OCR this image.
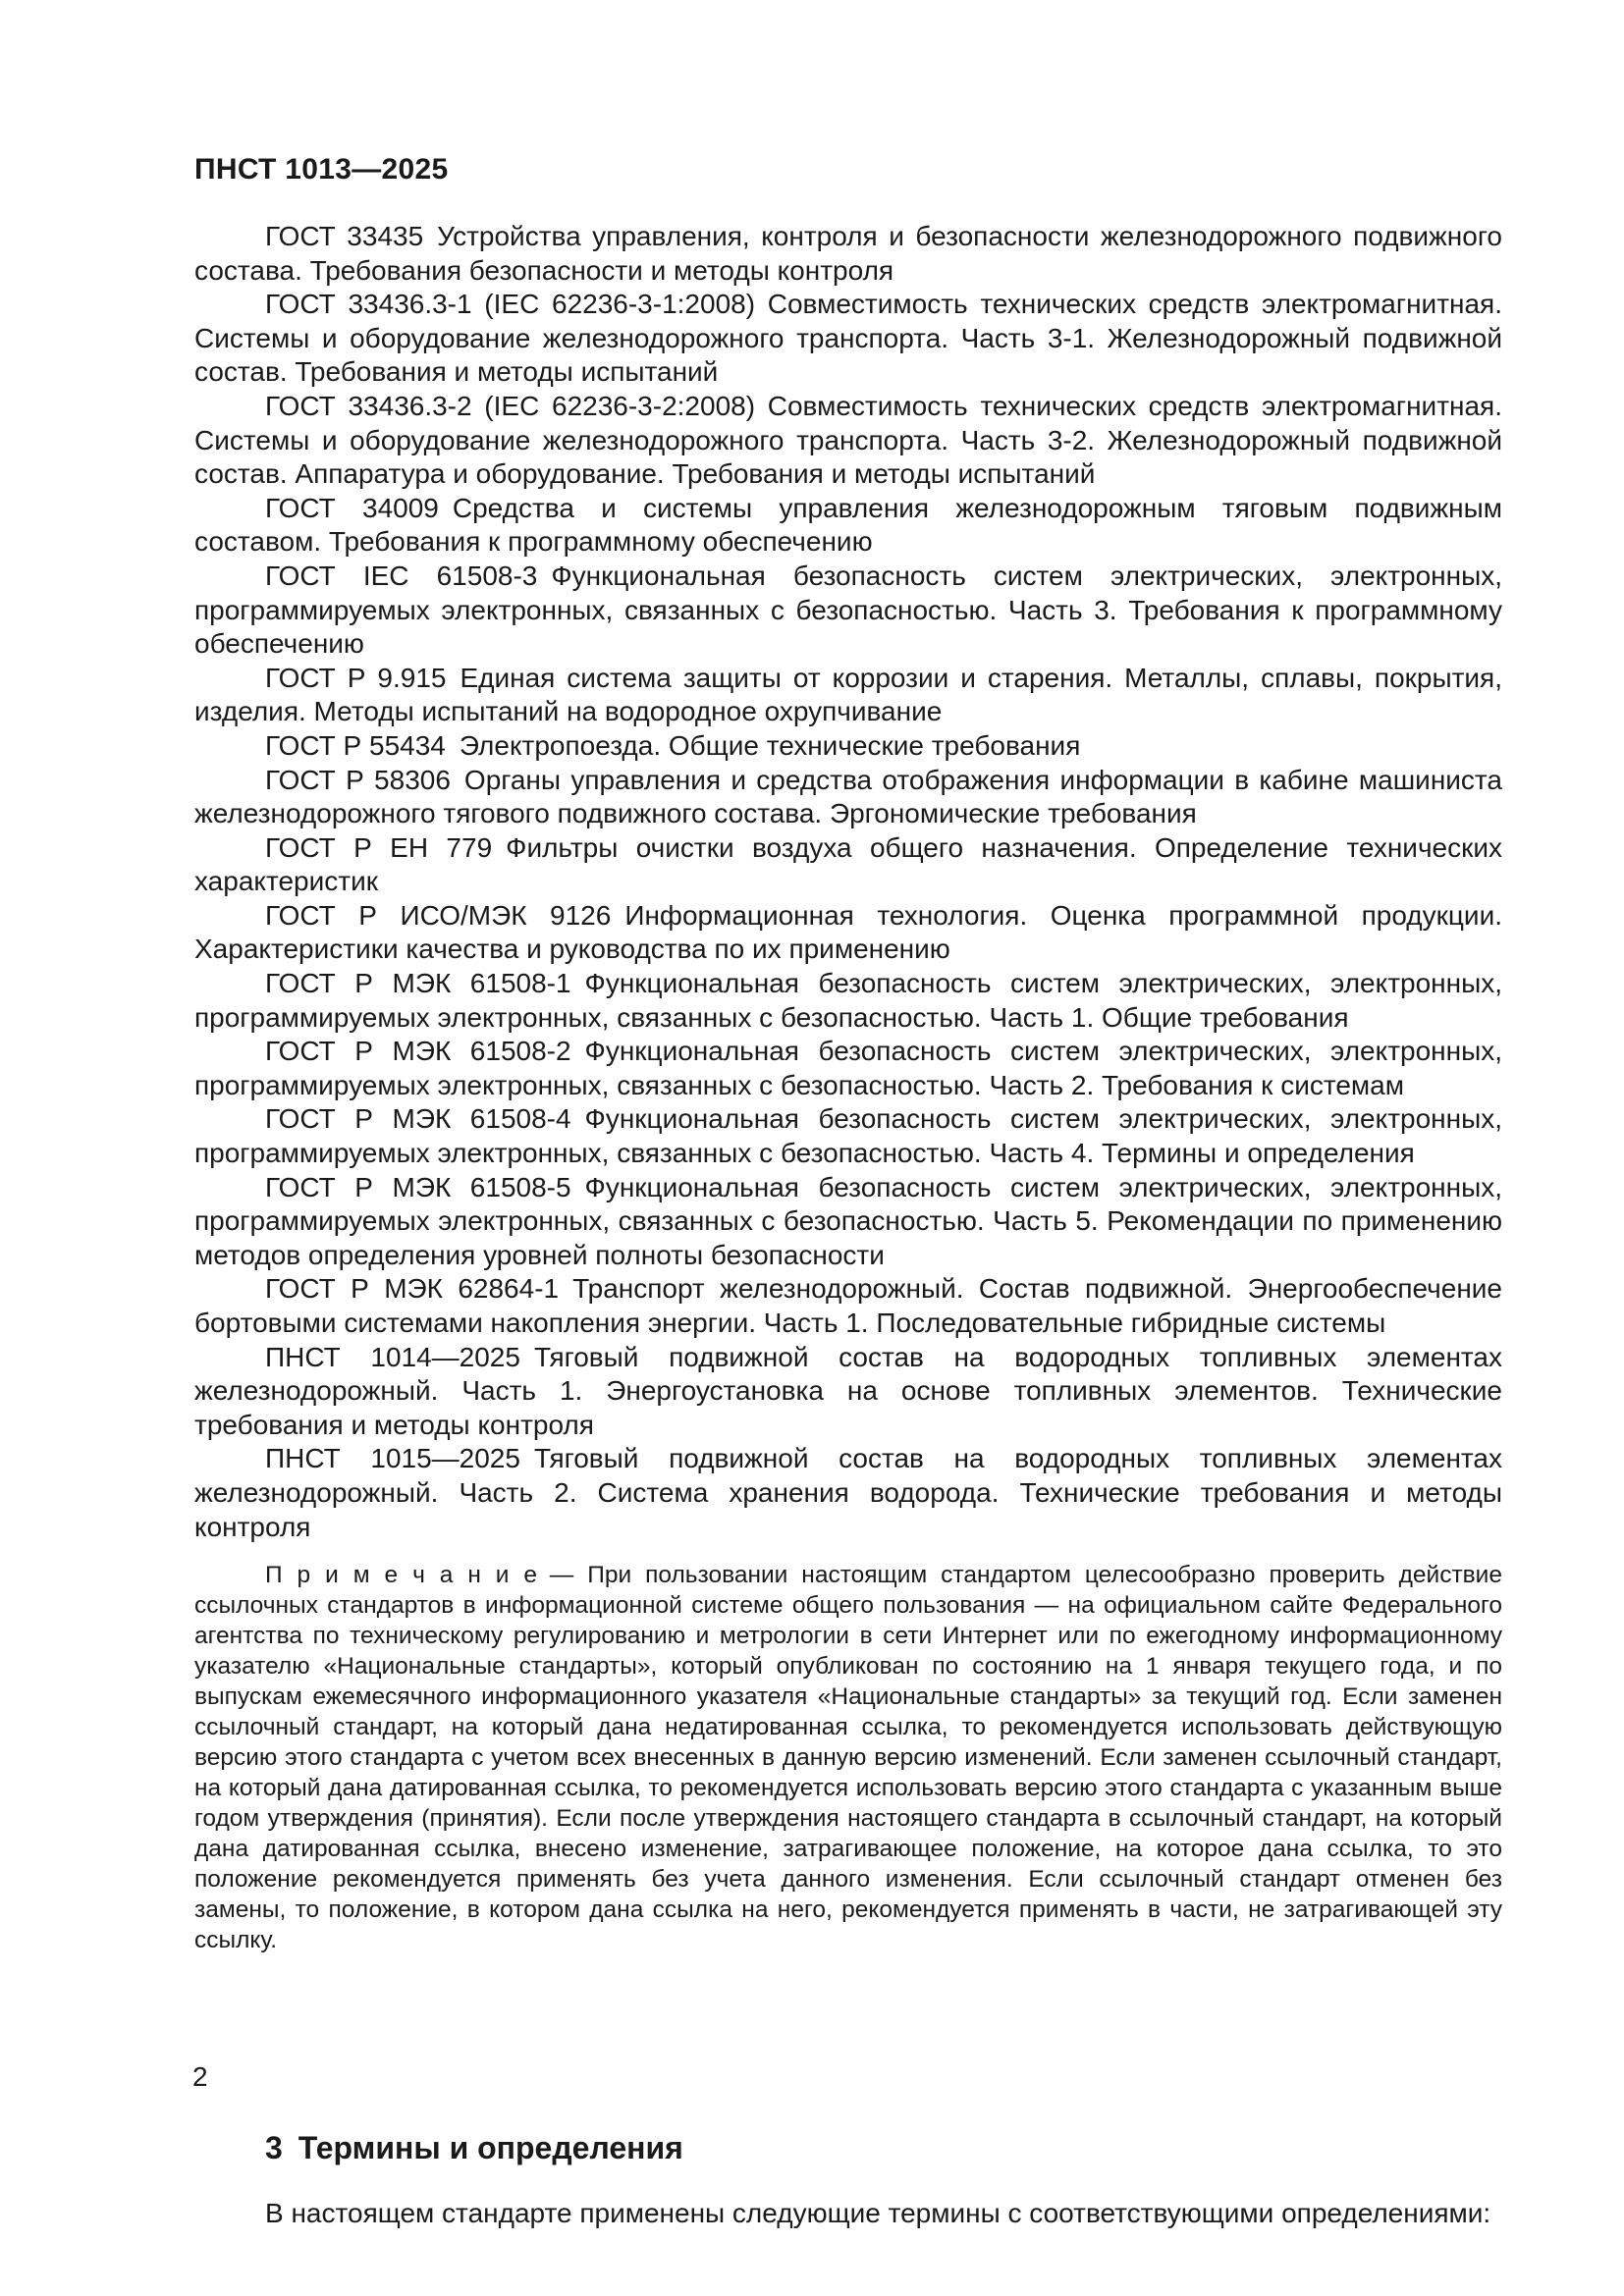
ПНСТ 1013—2025

ГОСТ 33435 Устройства управления, контроля и безопасности железнодорожного подвижного состава. Требования безопасности и методы контроля

ГОСТ 33436.3-1 (IEC 62236-3-1:2008) Совместимость технических средств электромагнитная. Системы и оборудование железнодорожного транспорта. Часть 3-1. Железнодорожный подвижной состав. Требования и методы испытаний

ГОСТ 33436.3-2 (IEC 62236-3-2:2008) Совместимость технических средств электромагнитная. Системы и оборудование железнодорожного транспорта. Часть 3-2. Железнодорожный подвижной состав. Аппаратура и оборудование. Требования и методы испытаний

ГОСТ 34009 Средства и системы управления железнодорожным тяговым подвижным составом. Требования к программному обеспечению

ГОСТ IEC 61508-3 Функциональная безопасность систем электрических, электронных, программируемых электронных, связанных с безопасностью. Часть 3. Требования к программному обеспечению

ГОСТ Р 9.915 Единая система защиты от коррозии и старения. Металлы, сплавы, покрытия, изделия. Методы испытаний на водородное охрупчивание

ГОСТ Р 55434 Электропоезда. Общие технические требования

ГОСТ Р 58306 Органы управления и средства отображения информации в кабине машиниста железнодорожного тягового подвижного состава. Эргономические требования

ГОСТ Р ЕН 779 Фильтры очистки воздуха общего назначения. Определение технических характеристик

ГОСТ Р ИСО/МЭК 9126 Информационная технология. Оценка программной продукции. Характеристики качества и руководства по их применению

ГОСТ Р МЭК 61508-1 Функциональная безопасность систем электрических, электронных, программируемых электронных, связанных с безопасностью. Часть 1. Общие требования

ГОСТ Р МЭК 61508-2 Функциональная безопасность систем электрических, электронных, программируемых электронных, связанных с безопасностью. Часть 2. Требования к системам

ГОСТ Р МЭК 61508-4 Функциональная безопасность систем электрических, электронных, программируемых электронных, связанных с безопасностью. Часть 4. Термины и определения

ГОСТ Р МЭК 61508-5 Функциональная безопасность систем электрических, электронных, программируемых электронных, связанных с безопасностью. Часть 5. Рекомендации по применению методов определения уровней полноты безопасности

ГОСТ Р МЭК 62864-1 Транспорт железнодорожный. Состав подвижной. Энергообеспечение бортовыми системами накопления энергии. Часть 1. Последовательные гибридные системы

ПНСТ 1014—2025 Тяговый подвижной состав на водородных топливных элементах железнодорожный. Часть 1. Энергоустановка на основе топливных элементов. Технические требования и методы контроля

ПНСТ 1015—2025 Тяговый подвижной состав на водородных топливных элементах железнодорожный. Часть 2. Система хранения водорода. Технические требования и методы контроля

П р и м е ч а н и е — При пользовании настоящим стандартом целесообразно проверить действие ссылочных стандартов в информационной системе общего пользования — на официальном сайте Федерального агентства по техническому регулированию и метрологии в сети Интернет или по ежегодному информационному указателю «Национальные стандарты», который опубликован по состоянию на 1 января текущего года, и по выпускам ежемесячного информационного указателя «Национальные стандарты» за текущий год. Если заменен ссылочный стандарт, на который дана недатированная ссылка, то рекомендуется использовать действующую версию этого стандарта с учетом всех внесенных в данную версию изменений. Если заменен ссылочный стандарт, на который дана датированная ссылка, то рекомендуется использовать версию этого стандарта с указанным выше годом утверждения (принятия). Если после утверждения настоящего стандарта в ссылочный стандарт, на который дана датированная ссылка, внесено изменение, затрагивающее положение, на которое дана ссылка, то это положение рекомендуется применять без учета данного изменения. Если ссылочный стандарт отменен без замены, то положение, в котором дана ссылка на него, рекомендуется применять в части, не затрагивающей эту ссылку.

3 Термины и определения

В настоящем стандарте применены следующие термины с соответствующими определениями:

2
